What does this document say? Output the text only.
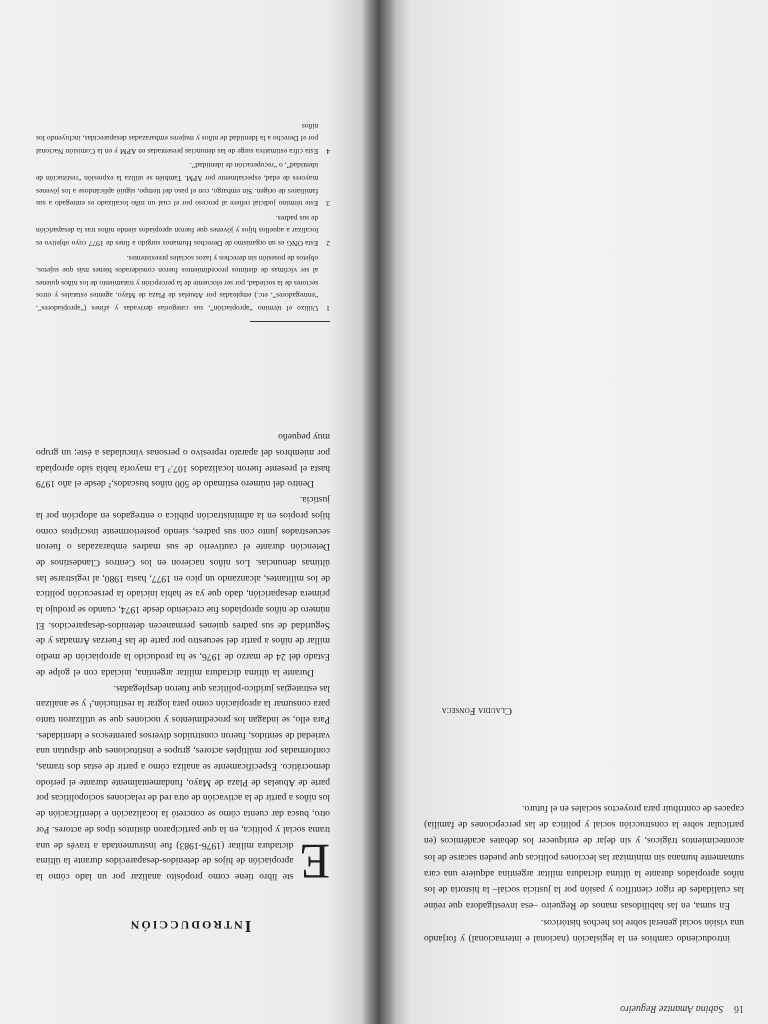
16 Sabina Amantze Regueiro

introduciendo cambios en la legislación (nacional e internacional) y forjando una visión social general sobre los hechos históricos.

En suma, en las habilidosas manos de Regueiro –esa investigadora que reúne las cualidades de rigor científico y pasión por la justicia social– la historia de los niños apropiados durante la última dictadura militar argentina adquiere una cara sumamente humana sin minimizar las lecciones políticas que pueden sacarse de los acontecimientos trágicos, y sin dejar de enriquecer los debates académicos (en particular sobre la construcción social y política de las percepciones de familia) capaces de contribuir para proyectos sociales en el futuro.

Claudia Fonseca
Introducción

E
ste libro tiene como propósito analizar por un lado cómo la apropiación de hijos de detenidos-desaparecidos durante la última dictadura militar (1976-1983) fue instrumentada a través de una trama social y política, en la que participaron distintos tipos de actores. Por otro, busca dar cuenta cómo se concretó la localización e identificación de los niños a partir de la activación de otra red de relaciones sociopolíticas por parte de Abuelas de Plaza de Mayo, fundamentalmente durante el período democrático. Específicamente se analiza cómo a partir de estas dos tramas, conformadas por múltiples actores, grupos e instituciones que disputan una variedad de sentidos, fueron construidos diversos parentescos e identidades. Para ello, se indagan los procedimientos y nociones que se utilizaron tanto para consumar la apropiación como para lograr la restitución,¹ y se analizan las estrategias jurídico-políticas que fueron desplegadas.

Durante la última dictadura militar argentina, iniciada con el golpe de Estado del 24 de marzo de 1976, se ha producido la apropiación de medio millar de niños a partir del secuestro por parte de las Fuerzas Armadas y de Seguridad de sus padres quienes permanecen detenidos-desaparecidos. El número de niños apropiados fue creciendo desde 1974, cuando se produjo la primera desaparición, dado que ya se había iniciado la persecución política de los militantes, alcanzando un pico en 1977, hasta 1980, al registrarse las últimas denuncias. Los niños nacieron en los Centros Clandestinos de Detención durante el cautiverio de sus madres embarazadas o fueron secuestrados junto con sus padres, siendo posteriormente inscriptos como hijos propios en la administración pública o entregados en adopción por la justicia.

Dentro del número estimado de 500 niños buscados,² desde el año 1979 hasta el presente fueron localizados 107.³ La mayoría había sido apropiada por miembros del aparato represivo o personas vinculadas a éste; un grupo muy pequeño

1
Utilizo el término “apropiación”, sus categorías derivadas y afines (“apropiadores”, “entregadores”, etc.) empleadas por Abuelas de Plaza de Mayo, agentes estatales y otros sectores de la sociedad, por ser elocuente de la percepción y tratamiento de los niños quienes al ser víctimas de distintos procedimientos fueron considerados bienes más que sujetos, objetos de posesión sin derechos y lazos sociales preexistentes.
2
Esta ONG es un organismo de Derechos Humanos surgido a fines de 1977 cuyo objetivo es localizar a aquellos hijos y jóvenes que fueron apropiados siendo niños tras la desaparición de sus padres.
3
Este término judicial refiere al proceso por el cual un niño localizado es entregado a sus familiares de origen. Sin embargo, con el paso del tiempo, siguió aplicándose a los jóvenes mayores de edad, especialmente por APM. También se utiliza la expresión “restitución de identidad”, o “recuperación de identidad”.
4
Esta cifra estimativa surge de las denuncias presentadas en APM y en la Comisión Nacional por el Derecho a la Identidad de niños y mujeres embarazadas desaparecidas, incluyendo los niños
